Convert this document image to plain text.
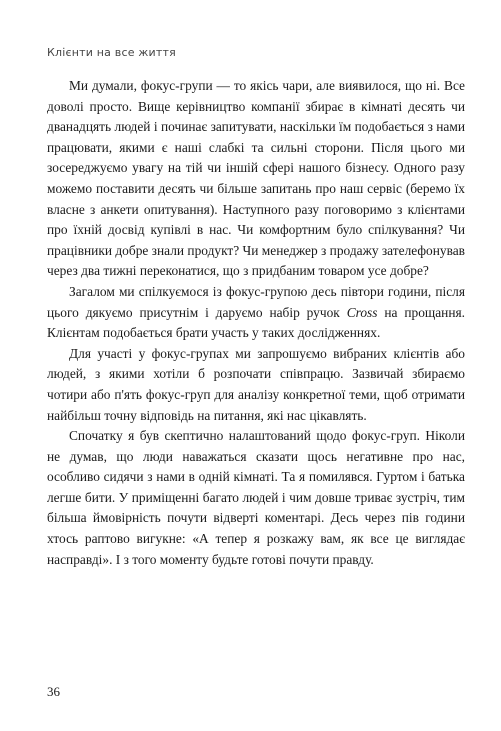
Клієнти на все життя

Ми думали, фокус-групи — то якісь чари, але виявилося, що ні. Все доволі просто. Вище керівництво компанії збирає в кімнаті десять чи дванадцять людей і починає запитувати, наскільки їм подобається з нами працювати, якими є наші слабкі та сильні сторони. Після цього ми зосереджуємо увагу на тій чи іншій сфері нашого бізнесу. Одного разу можемо поставити десять чи більше запитань про наш сервіс (беремо їх власне з анкети опитування). Наступного разу поговоримо з клієнтами про їхній досвід купівлі в нас. Чи комфортним було спілкування? Чи працівники добре знали продукт? Чи менеджер з продажу зателефонував через два тижні переконатися, що з придбаним товаром усе добре?

Загалом ми спілкуємося із фокус-групою десь півтори години, після цього дякуємо присутнім і даруємо набір ручок Cross на прощання. Клієнтам подобається брати участь у таких дослідженнях.

Для участі у фокус-групах ми запрошуємо вибраних клієнтів або людей, з якими хотіли б розпочати співпрацю. Зазвичай збираємо чотири або п'ять фокус-груп для аналізу конкретної теми, щоб отримати найбільш точну відповідь на питання, які нас цікавлять.

Спочатку я був скептично налаштований щодо фокус-груп. Ніколи не думав, що люди наважаться сказати щось негативне про нас, особливо сидячи з нами в одній кімнаті. Та я помилявся. Гуртом і батька легше бити. У приміщенні багато людей і чим довше триває зустріч, тим більша ймовірність почути відверті коментарі. Десь через пів години хтось раптово вигукне: «А тепер я розкажу вам, як все це виглядає насправді». І з того моменту будьте готові почути правду.

36
